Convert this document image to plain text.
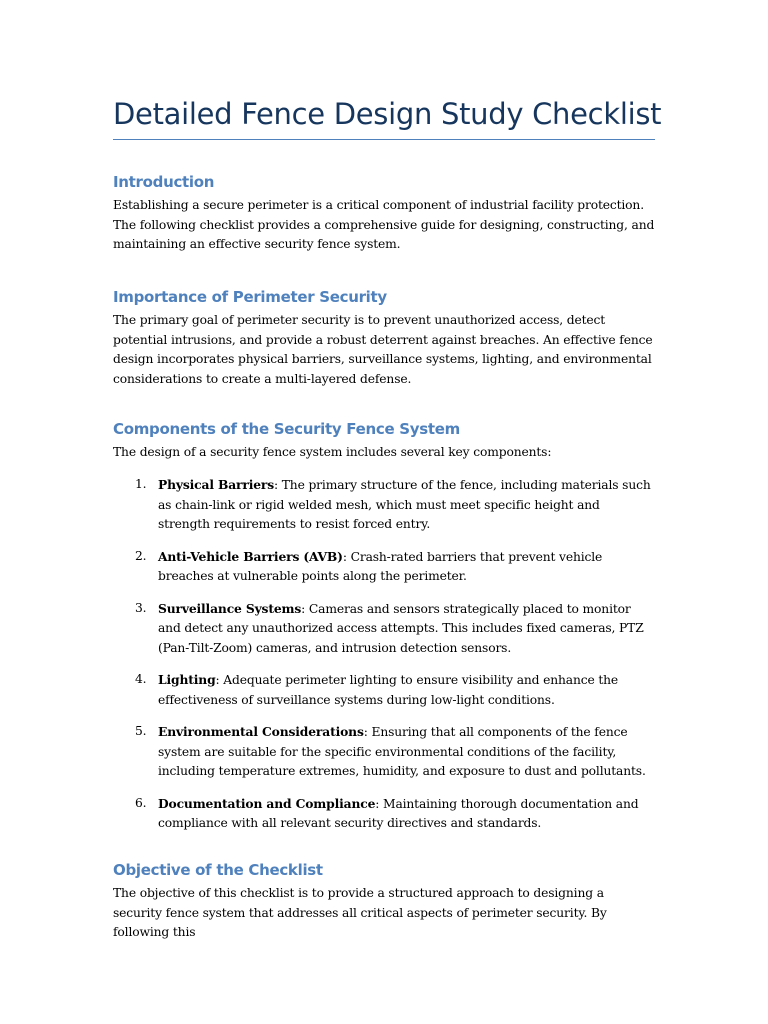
Detailed Fence Design Study Checklist
Introduction

Establishing a secure perimeter is a critical component of industrial facility protection. The following checklist provides a comprehensive guide for designing, constructing, and maintaining an effective security fence system.

Importance of Perimeter Security

The primary goal of perimeter security is to prevent unauthorized access, detect potential intrusions, and provide a robust deterrent against breaches. An effective fence design incorporates physical barriers, surveillance systems, lighting, and environmental considerations to create a multi-layered defense.

Components of the Security Fence System

The design of a security fence system includes several key components:

1. Physical Barriers: The primary structure of the fence, including materials such as chain-link or rigid welded mesh, which must meet specific height and strength requirements to resist forced entry.
2. Anti-Vehicle Barriers (AVB): Crash-rated barriers that prevent vehicle breaches at vulnerable points along the perimeter.
3. Surveillance Systems: Cameras and sensors strategically placed to monitor and detect any unauthorized access attempts. This includes fixed cameras, PTZ (Pan-Tilt-Zoom) cameras, and intrusion detection sensors.
4. Lighting: Adequate perimeter lighting to ensure visibility and enhance the effectiveness of surveillance systems during low-light conditions.
5. Environmental Considerations: Ensuring that all components of the fence system are suitable for the specific environmental conditions of the facility, including temperature extremes, humidity, and exposure to dust and pollutants.
6. Documentation and Compliance: Maintaining thorough documentation and compliance with all relevant security directives and standards.
Objective of the Checklist

The objective of this checklist is to provide a structured approach to designing a security fence system that addresses all critical aspects of perimeter security. By following this
